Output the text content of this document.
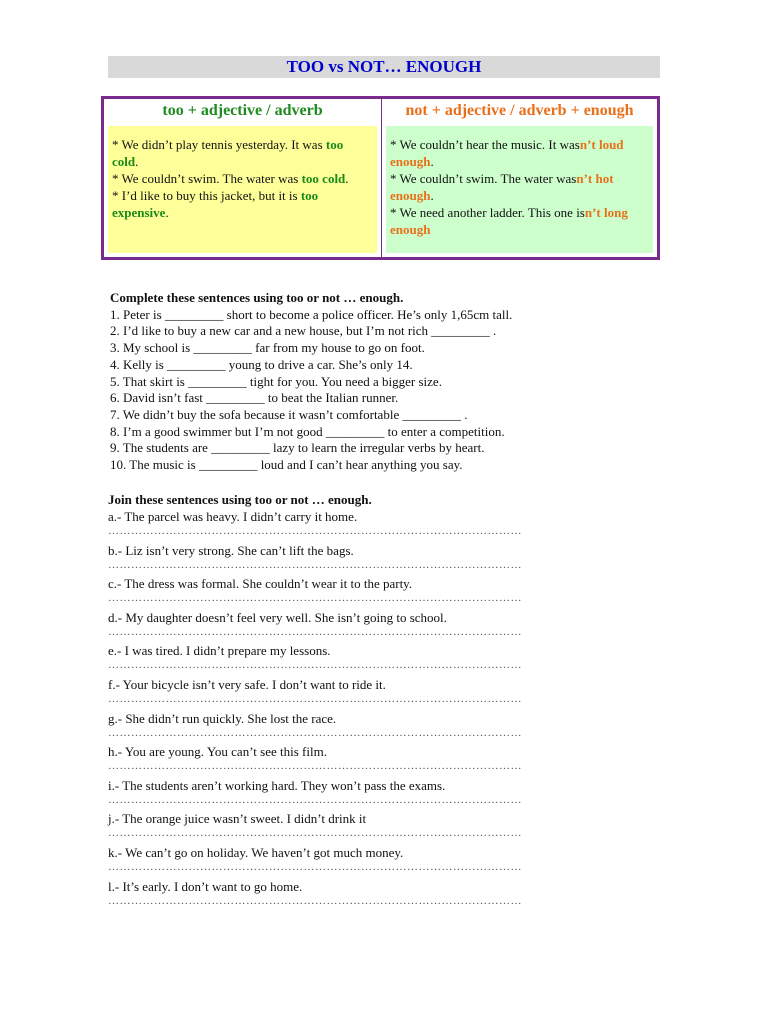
TOO vs NOT… ENOUGH
too + adjective / adverb
* We didn’t play tennis yesterday. It was too cold.
* We couldn’t swim. The water was too cold.
* I’d like to buy this jacket, but it is too expensive.
not + adjective / adverb + enough
* We couldn’t hear the music. It wasn’t loud enough.
* We couldn’t swim. The water wasn’t hot enough.
* We need another ladder. This one isn’t long enough
Complete these sentences using too or not … enough.
1. Peter is _________ short to become a police officer. He’s only 1,65cm tall.
2. I’d like to buy a new car and a new house, but I’m not rich _________ .
3. My school is _________ far from my house to go on foot.
4. Kelly is _________ young to drive a car. She’s only 14.
5. That skirt is _________ tight for you. You need a bigger size.
6. David isn’t fast _________ to beat the Italian runner.
7. We didn’t buy the sofa because it wasn’t comfortable _________ .
8. I’m a good swimmer but I’m not good _________ to enter a competition.
9. The students are _________ lazy to learn the irregular verbs by heart.
10. The music is _________ loud and I can’t hear anything you say.
Join these sentences using too or not … enough.
a.- The parcel was heavy. I didn’t carry it home.
………………………………………………………………………………………………
b.- Liz isn’t very strong. She can’t lift the bags.
………………………………………………………………………………………………
c.- The dress was formal. She couldn’t wear it to the party.
………………………………………………………………………………………………
d.- My daughter doesn’t feel very well. She isn’t going to school.
………………………………………………………………………………………………
e.- I was tired. I didn’t prepare my lessons.
………………………………………………………………………………………………
f.- Your bicycle isn’t very safe. I don’t want to ride it.
………………………………………………………………………………………………
g.- She didn’t run quickly. She lost the race.
………………………………………………………………………………………………
h.- You are young. You can’t see this film.
………………………………………………………………………………………………
i.- The students aren’t working hard. They won’t pass the exams.
………………………………………………………………………………………………
j.- The orange juice wasn’t sweet. I didn’t drink it
………………………………………………………………………………………………
k.- We can’t go on holiday. We haven’t got much money.
………………………………………………………………………………………………
l.- It’s early. I don’t want to go home.
………………………………………………………………………………………………
